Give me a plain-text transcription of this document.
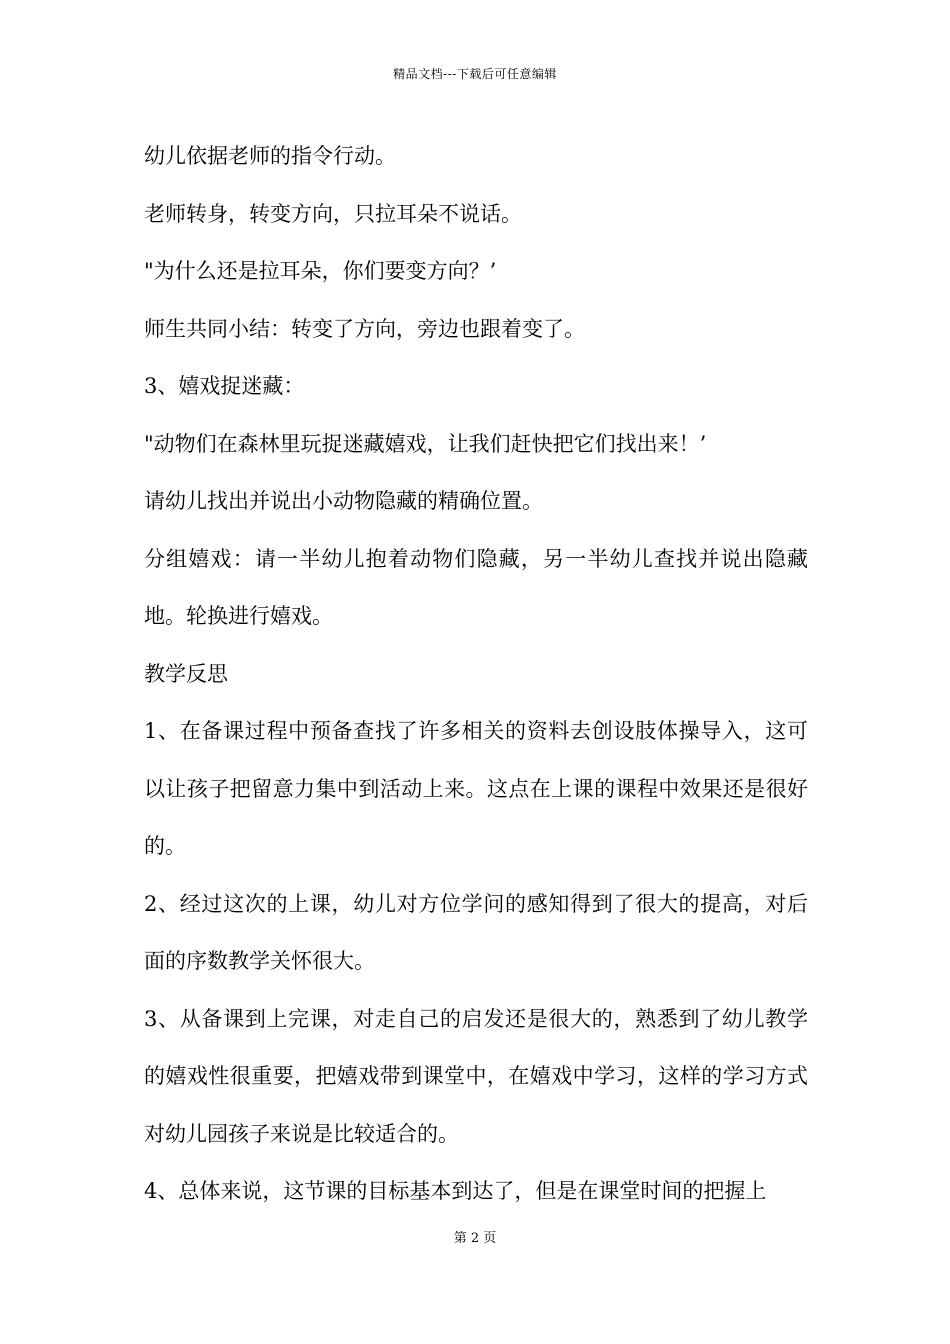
精品文档---下载后可任意编辑

幼儿依据老师的指令行动。

老师转身，转变方向，只拉耳朵不说话。

"为什么还是拉耳朵，你们要变方向？’

师生共同小结：转变了方向，旁边也跟着变了。

3、嬉戏捉迷藏：

"动物们在森林里玩捉迷藏嬉戏，让我们赶快把它们找出来！’

请幼儿找出并说出小动物隐藏的精确位置。

分组嬉戏：请一半幼儿抱着动物们隐藏，另一半幼儿查找并说出隐藏地。轮换进行嬉戏。

教学反思

1、在备课过程中预备查找了许多相关的资料去创设肢体操导入，这可以让孩子把留意力集中到活动上来。这点在上课的课程中效果还是很好的。

2、经过这次的上课，幼儿对方位学问的感知得到了很大的提高，对后面的序数教学关怀很大。

3、从备课到上完课，对走自己的启发还是很大的，熟悉到了幼儿教学的嬉戏性很重要，把嬉戏带到课堂中，在嬉戏中学习，这样的学习方式对幼儿园孩子来说是比较适合的。

4、总体来说，这节课的目标基本到达了，但是在课堂时间的把握上

第 2 页
